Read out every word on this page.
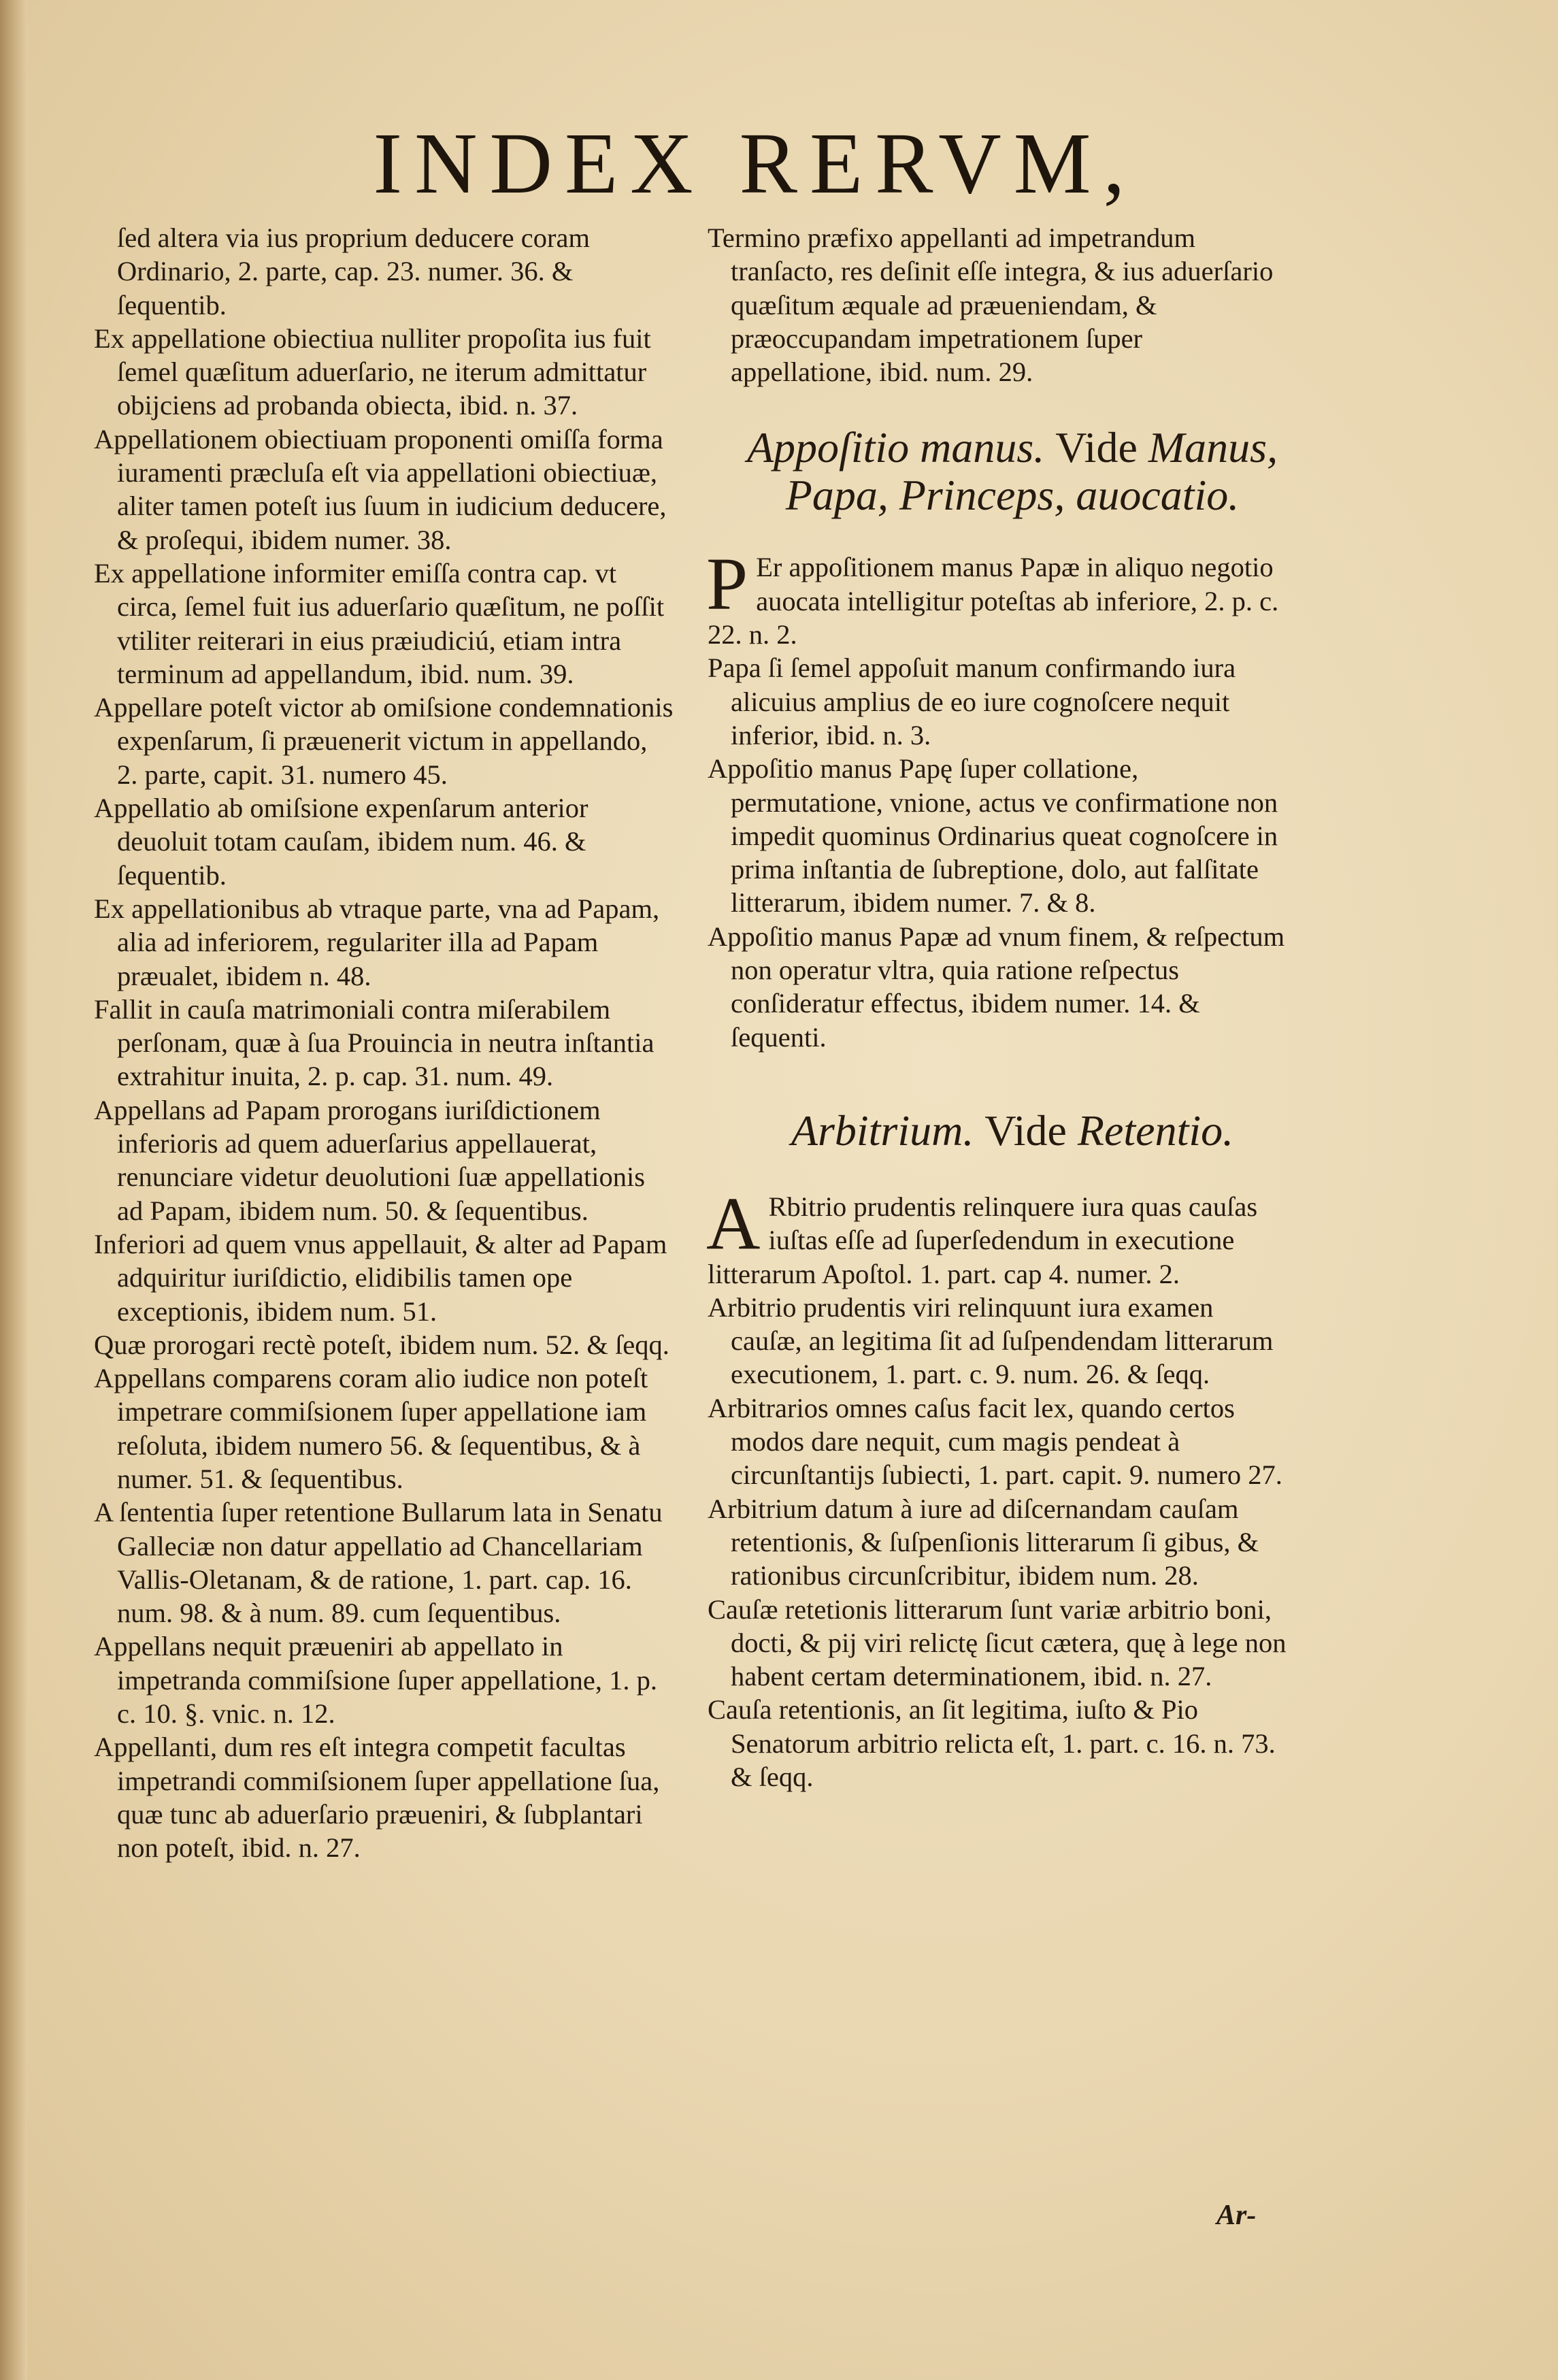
INDEX RERVM,
ſed altera via ius proprium deducere coram Ordinario, 2. parte, cap. 23. numer. 36. & ſequentib.
Ex appellatione obiectiua nulliter propoſita ius fuit ſemel quæſitum aduerſario, ne iterum admittatur obijciens ad probanda obiecta, ibid. n. 37.
Appellationem obiectiuam proponenti omiſſa forma iuramenti præcluſa eſt via appellationi obiectiuæ, aliter tamen poteſt ius ſuum in iudicium deducere, & proſequi, ibidem numer. 38.
Ex appellatione informiter emiſſa contra cap. vt circa, ſemel fuit ius aduerſario quæſitum, ne poſſit vtiliter reiterari in eius præiudiciú, etiam intra terminum ad appellandum, ibid. num. 39.
Appellare poteſt victor ab omiſsione condemnationis expenſarum, ſi præuenerit victum in appellando, 2. parte, capit. 31. numero 45.
Appellatio ab omiſsione expenſarum anterior deuoluit totam cauſam, ibidem num. 46. & ſequentib.
Ex appellationibus ab vtraque parte, vna ad Papam, alia ad inferiorem, regulariter illa ad Papam præualet, ibidem n. 48.
Fallit in cauſa matrimoniali contra miſerabilem perſonam, quæ à ſua Prouincia in neutra inſtantia extrahitur inuita, 2. p. cap. 31. num. 49.
Appellans ad Papam prorogans iuriſdictionem inferioris ad quem aduerſarius appellauerat, renunciare videtur deuolutioni ſuæ appellationis ad Papam, ibidem num. 50. & ſequentibus.
Inferiori ad quem vnus appellauit, & alter ad Papam adquiritur iuriſdictio, elidibilis tamen ope exceptionis, ibidem num. 51.
Quæ prorogari rectè poteſt, ibidem num. 52. & ſeqq.
Appellans comparens coram alio iudice non poteſt impetrare commiſsionem ſuper appellatione iam reſoluta, ibidem numero 56. & ſequentibus, & à numer. 51. & ſequentibus.
A ſententia ſuper retentione Bullarum lata in Senatu Galleciæ non datur appellatio ad Chancellariam Vallis-Oletanam, & de ratione, 1. part. cap. 16. num. 98. & à num. 89. cum ſequentibus.
Appellans nequit præueniri ab appellato in impetranda commiſsione ſuper appellatione, 1. p. c. 10. §. vnic. n. 12.
Appellanti, dum res eſt integra competit facultas impetrandi commiſsionem ſuper appellatione ſua, quæ tunc ab aduerſario præueniri, & ſubplantari non poteſt, ibid. n. 27.
Termino præfixo appellanti ad impetrandum tranſacto, res deſinit eſſe integra, & ius aduerſario quæſitum æquale ad præueniendam, & præoccupandam impetrationem ſuper appellatione, ibid. num. 29.
Appoſitio manus. Vide Manus, Papa, Princeps, auocatio.
P Er appoſitionem manus Papæ in aliquo negotio auocata intelligitur poteſtas ab inferiore, 2. p. c. 22. n. 2.
Papa ſi ſemel appoſuit manum confirmando iura alicuius amplius de eo iure cognoſcere nequit inferior, ibid. n. 3.
Appoſitio manus Papę ſuper collatione, permutatione, vnione, actus ve confirmatione non impedit quominus Ordinarius queat cognoſcere in prima inſtantia de ſubreptione, dolo, aut falſitate litterarum, ibidem numer. 7. & 8.
Appoſitio manus Papæ ad vnum finem, & reſpectum non operatur vltra, quia ratione reſpectus conſideratur effectus, ibidem numer. 14. & ſequenti.
Arbitrium. Vide Retentio.
A Rbitrio prudentis relinquere iura quas cauſas iuſtas eſſe ad ſuperſedendum in executione litterarum Apoſtol. 1. part. cap 4. numer. 2.
Arbitrio prudentis viri relinquunt iura examen cauſæ, an legitima ſit ad ſuſpendendam litterarum executionem, 1. part. c. 9. num. 26. & ſeqq.
Arbitrarios omnes caſus facit lex, quando certos modos dare nequit, cum magis pendeat à circunſtantijs ſubiecti, 1. part. capit. 9. numero 27.
Arbitrium datum à iure ad diſcernandam cauſam retentionis, & ſuſpenſionis litterarum ſi gibus, & rationibus circunſcribitur, ibidem num. 28.
Cauſæ retetionis litterarum ſunt variæ arbitrio boni, docti, & pij viri relictę ſicut cætera, quę à lege non habent certam determinationem, ibid. n. 27.
Cauſa retentionis, an ſit legitima, iuſto & Pio Senatorum arbitrio relicta eſt, 1. part. c. 16. n. 73. & ſeqq.
Ar-
